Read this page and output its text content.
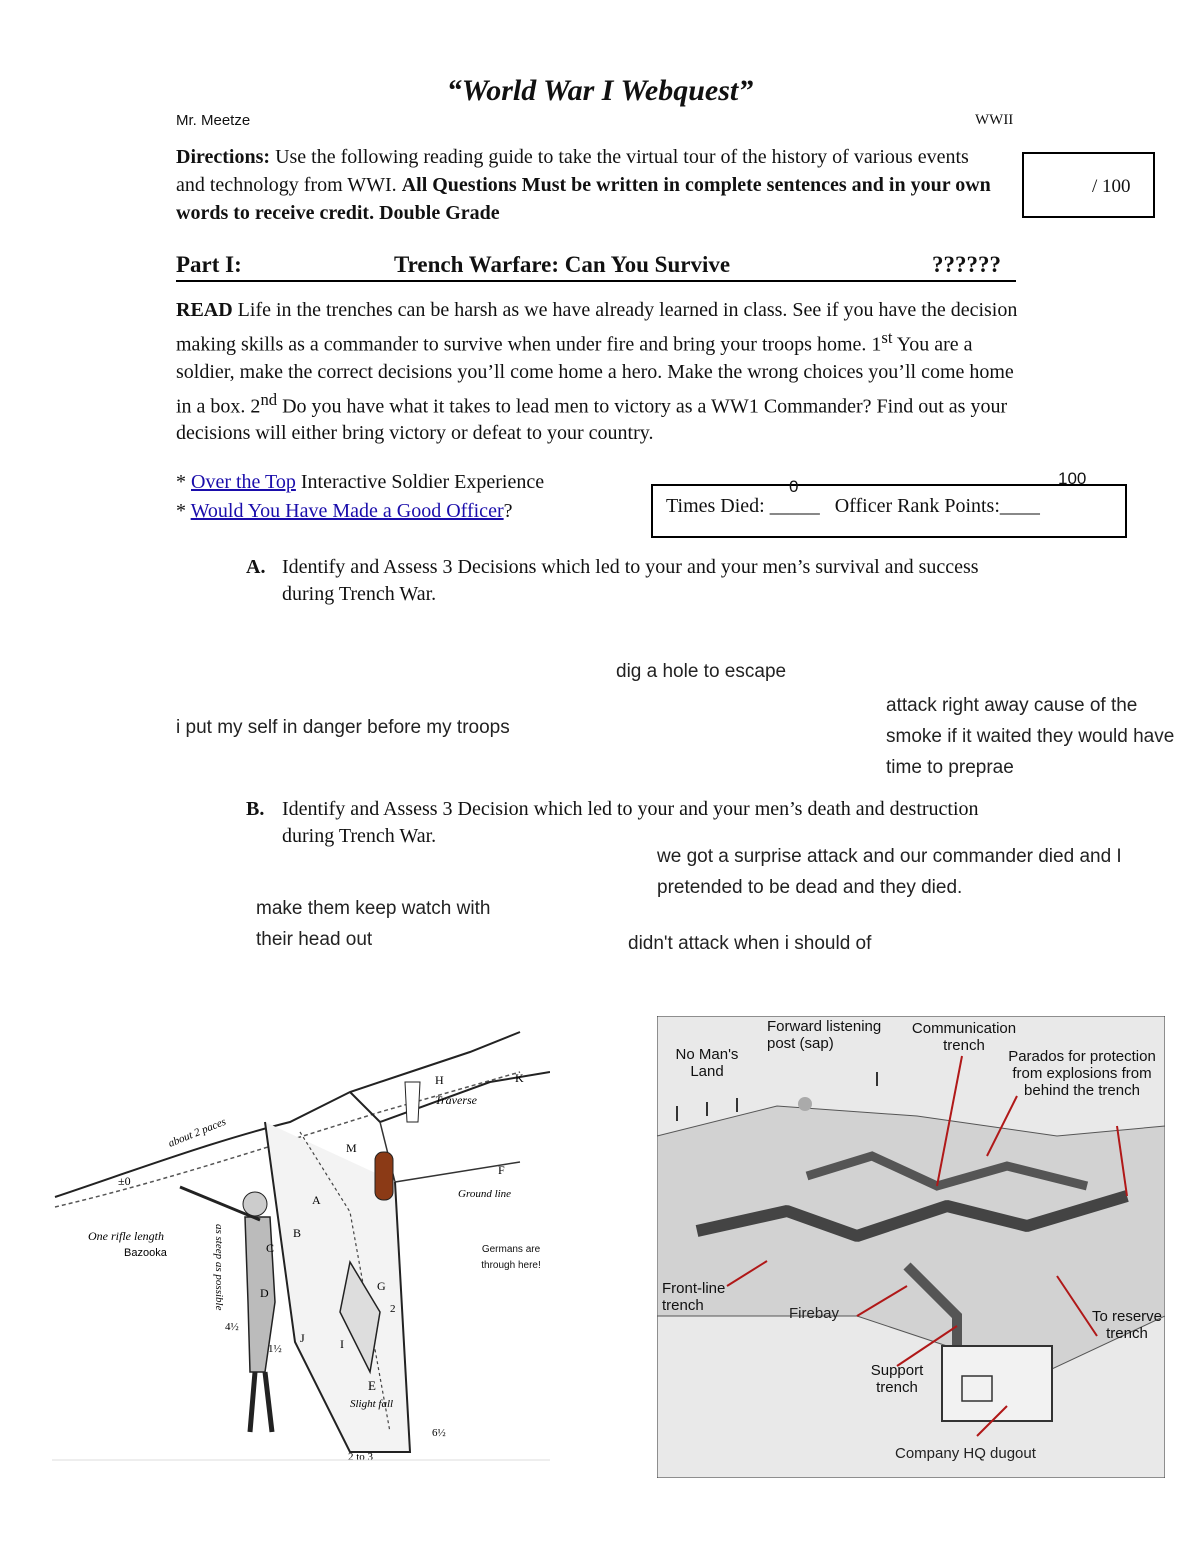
“World War I Webquest”
Mr. Meetze	WWII
Directions: Use the following reading guide to take the virtual tour of the history of various events and technology from WWI. All Questions Must be written in complete sentences and in your own words to receive credit. Double Grade
/ 100
Part I:	Trench Warfare: Can You Survive	??????
READ Life in the trenches can be harsh as we have already learned in class. See if you have the decision making skills as a commander to survive when under fire and bring your troops home. 1st You are a soldier, make the correct decisions you’ll come home a hero. Make the wrong choices you’ll come home in a box. 2nd Do you have what it takes to lead men to victory as a WW1 Commander? Find out as your decisions will either bring victory or defeat to your country.
* Over the Top Interactive Soldier Experience
* Would You Have Made a Good Officer?	Times Died: _____ Officer Rank Points:____
0	100
A. Identify and Assess 3 Decisions which led to your and your men’s survival and success during Trench War.
dig a hole to escape
i put my self in danger before my troops
attack right away cause of the smoke if it waited they would have time to preprae
B. Identify and Assess 3 Decision which led to your and your men’s death and destruction during Trench War.
we got a surprise attack and our commander died and I pretended to be dead and they died.
make them keep watch with their head out	didn't attack when i should of
H	K
M
A
B
C
D
E
F
G
I
J
Traverse
about 2 paces
±0
One rifle length
Bazooka	as steep as possible	Germans are through here!
Ground line
Slight fall
1½
4½
6½
2 to 3
2
No Man's Land
Forward listening post (sap)
Communication trench
Parados for protection from explosions from behind the trench
Front-line trench	Firebay
Support trench
To reserve trench
Company HQ dugout
